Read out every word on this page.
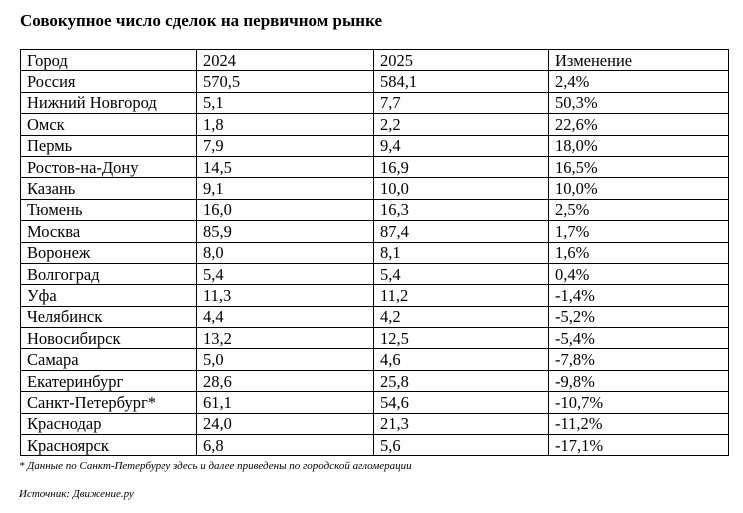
Совокупное число сделок на первичном рынке
Город	2024	2025	Изменение
Россия	570,5	584,1	2,4%
Нижний Новгород	5,1	7,7	50,3%
Омск	1,8	2,2	22,6%
Пермь	7,9	9,4	18,0%
Ростов-на-Дону	14,5	16,9	16,5%
Казань	9,1	10,0	10,0%
Тюмень	16,0	16,3	2,5%
Москва	85,9	87,4	1,7%
Воронеж	8,0	8,1	1,6%
Волгоград	5,4	5,4	0,4%
Уфа	11,3	11,2	-1,4%
Челябинск	4,4	4,2	-5,2%
Новосибирск	13,2	12,5	-5,4%
Самара	5,0	4,6	-7,8%
Екатеринбург	28,6	25,8	-9,8%
Санкт-Петербург*	61,1	54,6	-10,7%
Краснодар	24,0	21,3	-11,2%
Красноярск	6,8	5,6	-17,1%
* Данные по Санкт-Петербургу здесь и далее приведены по городской агломерации
Источник: Движение.ру
